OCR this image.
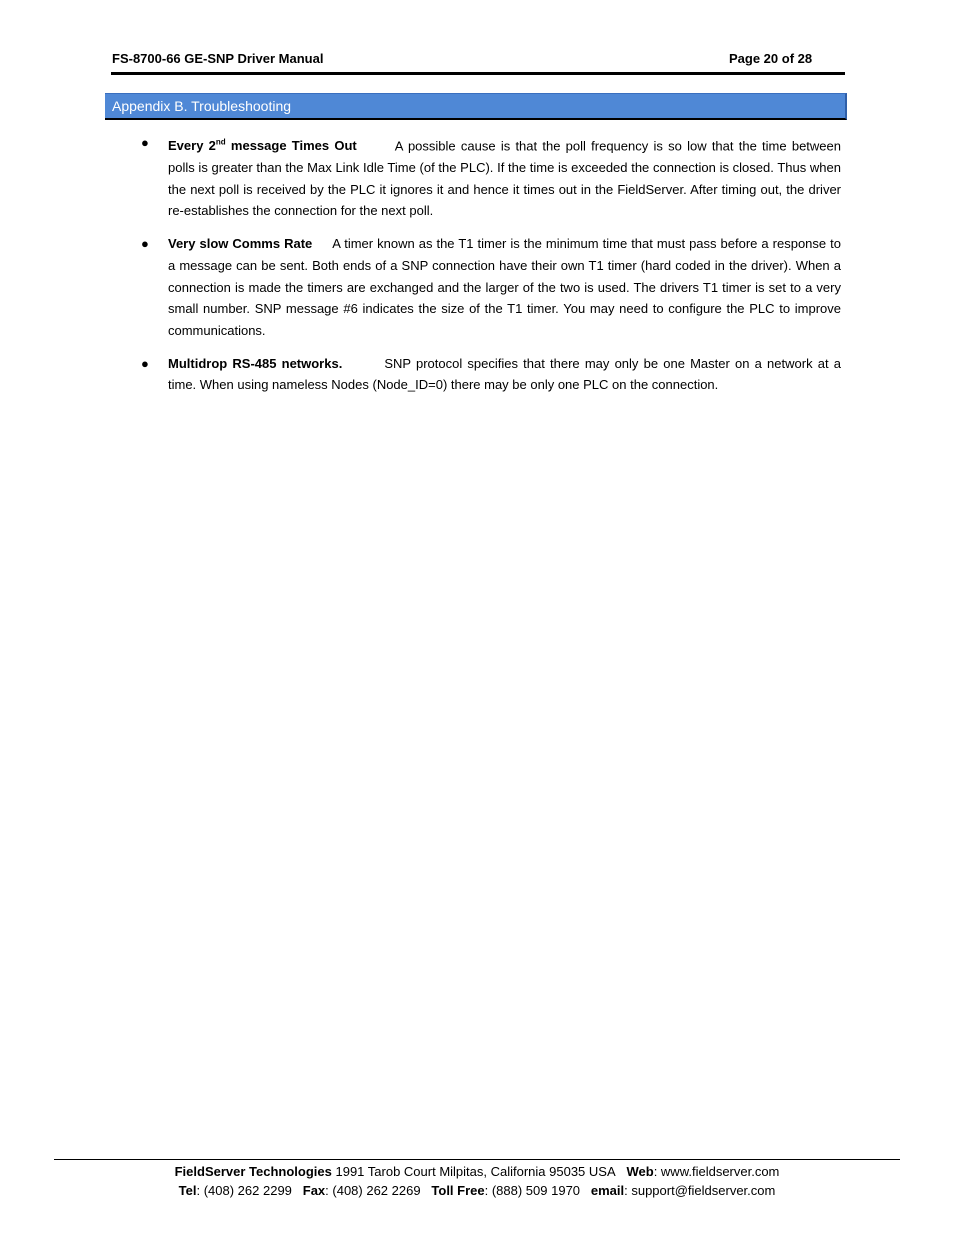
FS-8700-66 GE-SNP Driver Manual	Page 20 of 28
Appendix B. Troubleshooting
● Every 2nd message Times Out	A possible cause is that the poll frequency is so low that the time between polls is greater than the Max Link Idle Time (of the PLC). If the time is exceeded the connection is closed. Thus when the next poll is received by the PLC it ignores it and hence it times out in the FieldServer. After timing out, the driver re-establishes the connection for the next poll.
● Very slow Comms Rate A timer known as the T1 timer is the minimum time that must pass before a response to a message can be sent. Both ends of a SNP connection have their own T1 timer (hard coded in the driver). When a connection is made the timers are exchanged and the larger of the two is used. The drivers T1 timer is set to a very small number. SNP message #6 indicates the size of the T1 timer. You may need to configure the PLC to improve communications.
● Multidrop RS-485 networks.	SNP protocol specifies that there may only be one Master on a network at a time. When using nameless Nodes (Node_ID=0) there may be only one PLC on the connection.
FieldServer Technologies 1991 Tarob Court Milpitas, California 95035 USA Web: www.fieldserver.com
Tel: (408) 262 2299 Fax: (408) 262 2269 Toll Free: (888) 509 1970 email: support@fieldserver.com
